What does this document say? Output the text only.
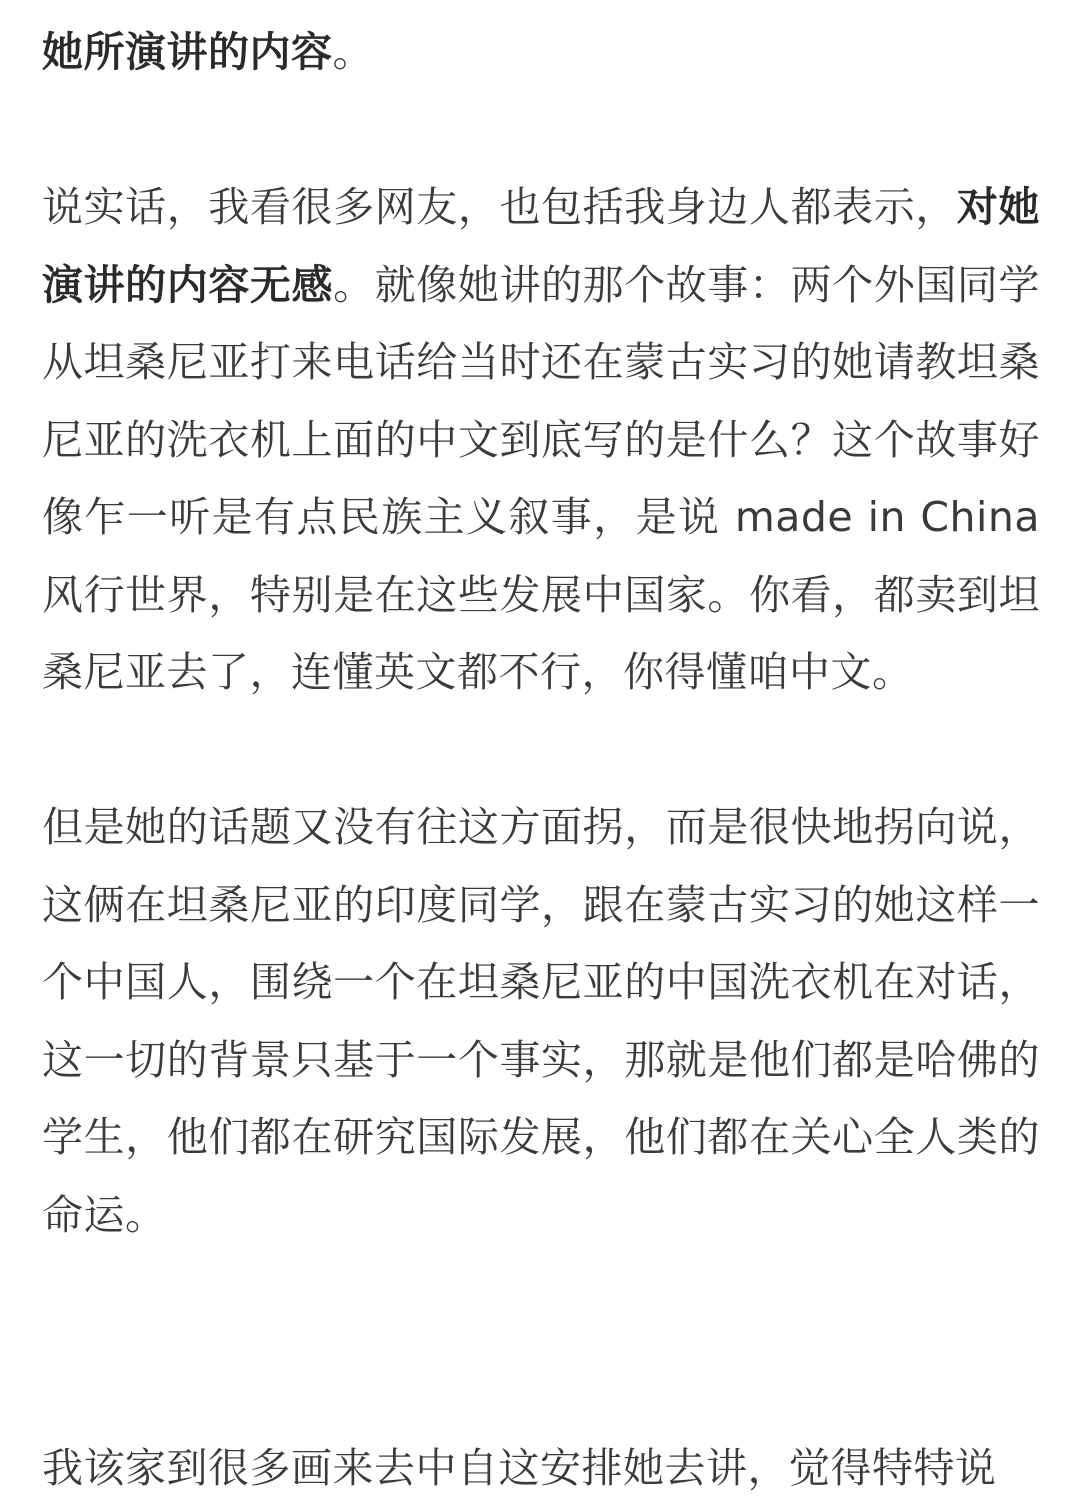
她所演讲的内容。

说实话，我看很多网友，也包括我身边人都表示，对她演讲的内容无感。就像她讲的那个故事：两个外国同学从坦桑尼亚打来电话给当时还在蒙古实习的她请教坦桑尼亚的洗衣机上面的中文到底写的是什么？这个故事好像乍一听是有点民族主义叙事，是说 made in China 风行世界，特别是在这些发展中国家。你看，都卖到坦桑尼亚去了，连懂英文都不行，你得懂咱中文。

但是她的话题又没有往这方面拐，而是很快地拐向说，这俩在坦桑尼亚的印度同学，跟在蒙古实习的她这样一个中国人，围绕一个在坦桑尼亚的中国洗衣机在对话，这一切的背景只基于一个事实，那就是他们都是哈佛的学生，他们都在研究国际发展，他们都在关心全人类的命运。

我该家到很多画来去中自这安排她去讲，觉得特特说
